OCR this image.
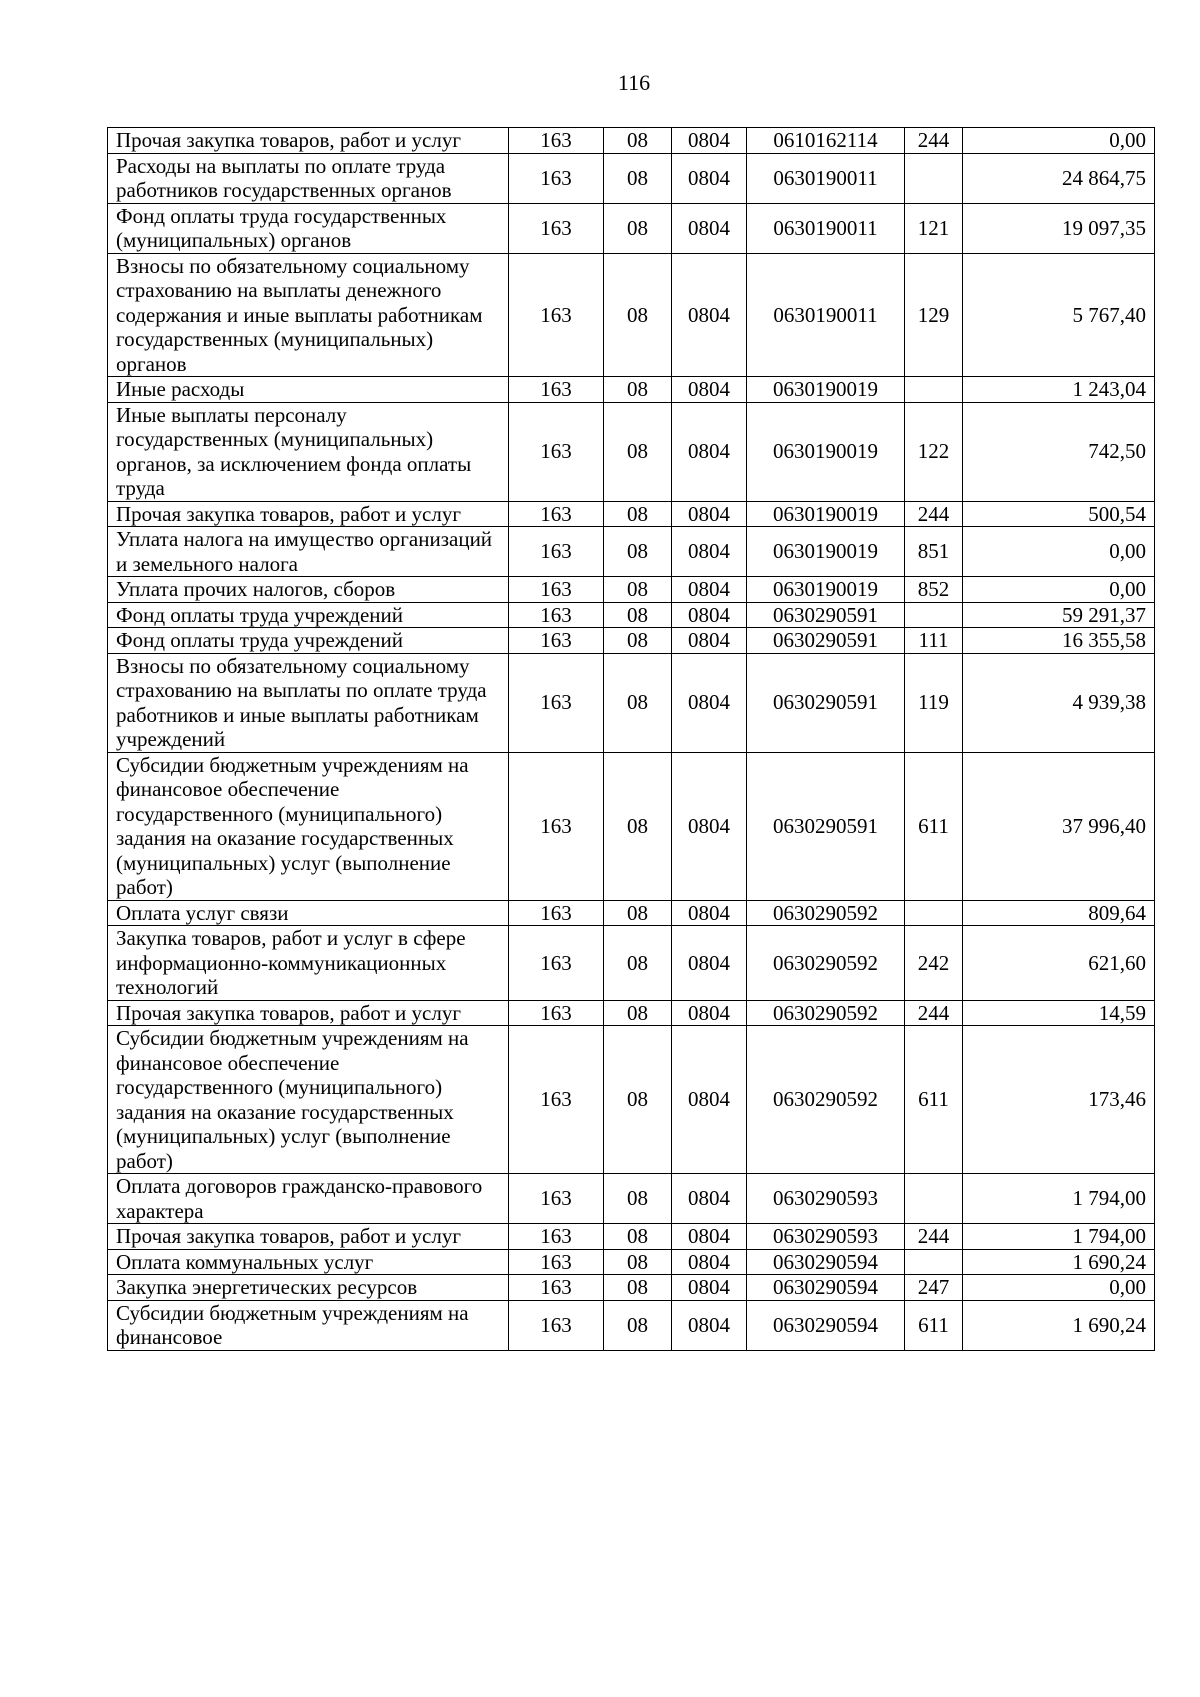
116
Прочая закупка товаров, работ и услуг	163	08	0804	0610162114	244	0,00
Расходы на выплаты по оплате труда работников государственных органов	163	08	0804	0630190011		24 864,75
Фонд оплаты труда государственных (муниципальных) органов	163	08	0804	0630190011	121	19 097,35
Взносы по обязательному социальному страхованию на выплаты денежного содержания и иные выплаты работникам государственных (муниципальных) органов	163	08	0804	0630190011	129	5 767,40
Иные расходы	163	08	0804	0630190019		1 243,04
Иные выплаты персоналу государственных (муниципальных) органов, за исключением фонда оплаты труда	163	08	0804	0630190019	122	742,50
Прочая закупка товаров, работ и услуг	163	08	0804	0630190019	244	500,54
Уплата налога на имущество организаций и земельного налога	163	08	0804	0630190019	851	0,00
Уплата прочих налогов, сборов	163	08	0804	0630190019	852	0,00
Фонд оплаты труда учреждений	163	08	0804	0630290591		59 291,37
Фонд оплаты труда учреждений	163	08	0804	0630290591	111	16 355,58
Взносы по обязательному социальному страхованию на выплаты по оплате труда работников и иные выплаты работникам учреждений	163	08	0804	0630290591	119	4 939,38
Субсидии бюджетным учреждениям на финансовое обеспечение государственного (муниципального) задания на оказание государственных (муниципальных) услуг (выполнение работ)	163	08	0804	0630290591	611	37 996,40
Оплата услуг связи	163	08	0804	0630290592		809,64
Закупка товаров, работ и услуг в сфере информационно-коммуникационных технологий	163	08	0804	0630290592	242	621,60
Прочая закупка товаров, работ и услуг	163	08	0804	0630290592	244	14,59
Субсидии бюджетным учреждениям на финансовое обеспечение государственного (муниципального) задания на оказание государственных (муниципальных) услуг (выполнение работ)	163	08	0804	0630290592	611	173,46
Оплата договоров гражданско-правового характера	163	08	0804	0630290593		1 794,00
Прочая закупка товаров, работ и услуг	163	08	0804	0630290593	244	1 794,00
Оплата коммунальных услуг	163	08	0804	0630290594		1 690,24
Закупка энергетических ресурсов	163	08	0804	0630290594	247	0,00
Субсидии бюджетным учреждениям на финансовое	163	08	0804	0630290594	611	1 690,24
